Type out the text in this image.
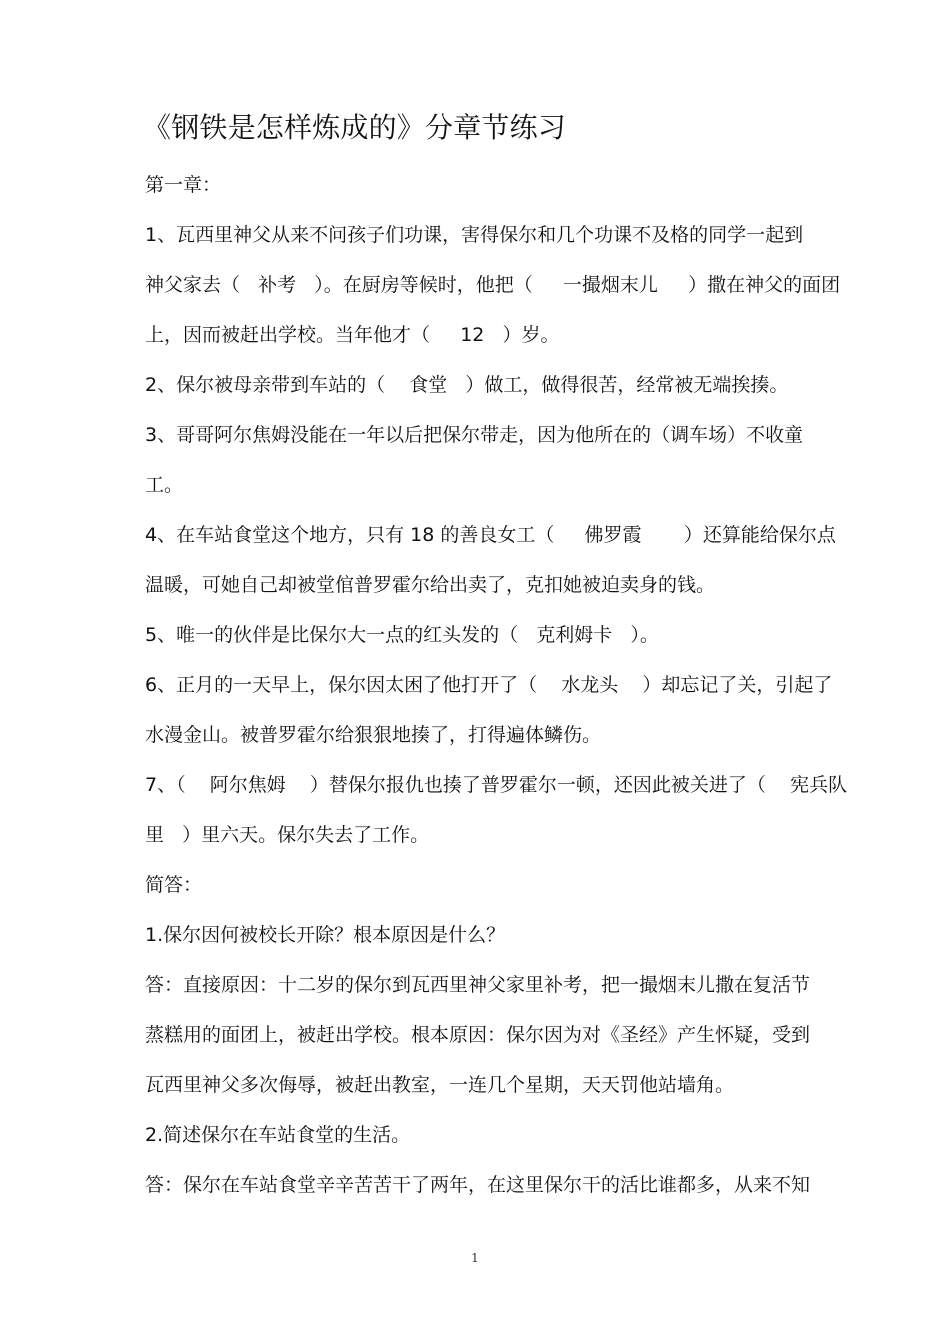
《钢铁是怎样炼成的》分章节练习
第一章：
1、瓦西里神父从来不问孩子们功课，害得保尔和几个功课不及格的同学一起到
神父家去（   补考   ）。在厨房等候时，他把（     一撮烟末儿     ）撒在神父的面团
上，因而被赶出学校。当年他才（     12   ）岁。
2、保尔被母亲带到车站的（    食堂   ）做工，做得很苦，经常被无端挨揍。
3、哥哥阿尔焦姆没能在一年以后把保尔带走，因为他所在的（调车场）不收童
工。
4、在车站食堂这个地方，只有 18 的善良女工（     佛罗霞       ）还算能给保尔点
温暖，可她自己却被堂倌普罗霍尔给出卖了，克扣她被迫卖身的钱。
5、唯一的伙伴是比保尔大一点的红头发的（   克利姆卡   ）。
6、正月的一天早上，保尔因太困了他打开了（    水龙头    ）却忘记了关，引起了
水漫金山。被普罗霍尔给狠狠地揍了，打得遍体鳞伤。
7、（    阿尔焦姆    ）替保尔报仇也揍了普罗霍尔一顿，还因此被关进了（    宪兵队
里   ）里六天。保尔失去了工作。
简答：
1.保尔因何被校长开除？根本原因是什么？
答：直接原因：十二岁的保尔到瓦西里神父家里补考，把一撮烟末儿撒在复活节
蒸糕用的面团上，被赶出学校。根本原因：保尔因为对《圣经》产生怀疑，受到
瓦西里神父多次侮辱，被赶出教室，一连几个星期，天天罚他站墙角。
2.简述保尔在车站食堂的生活。
答：保尔在车站食堂辛辛苦苦干了两年，在这里保尔干的活比谁都多，从来不知
1
